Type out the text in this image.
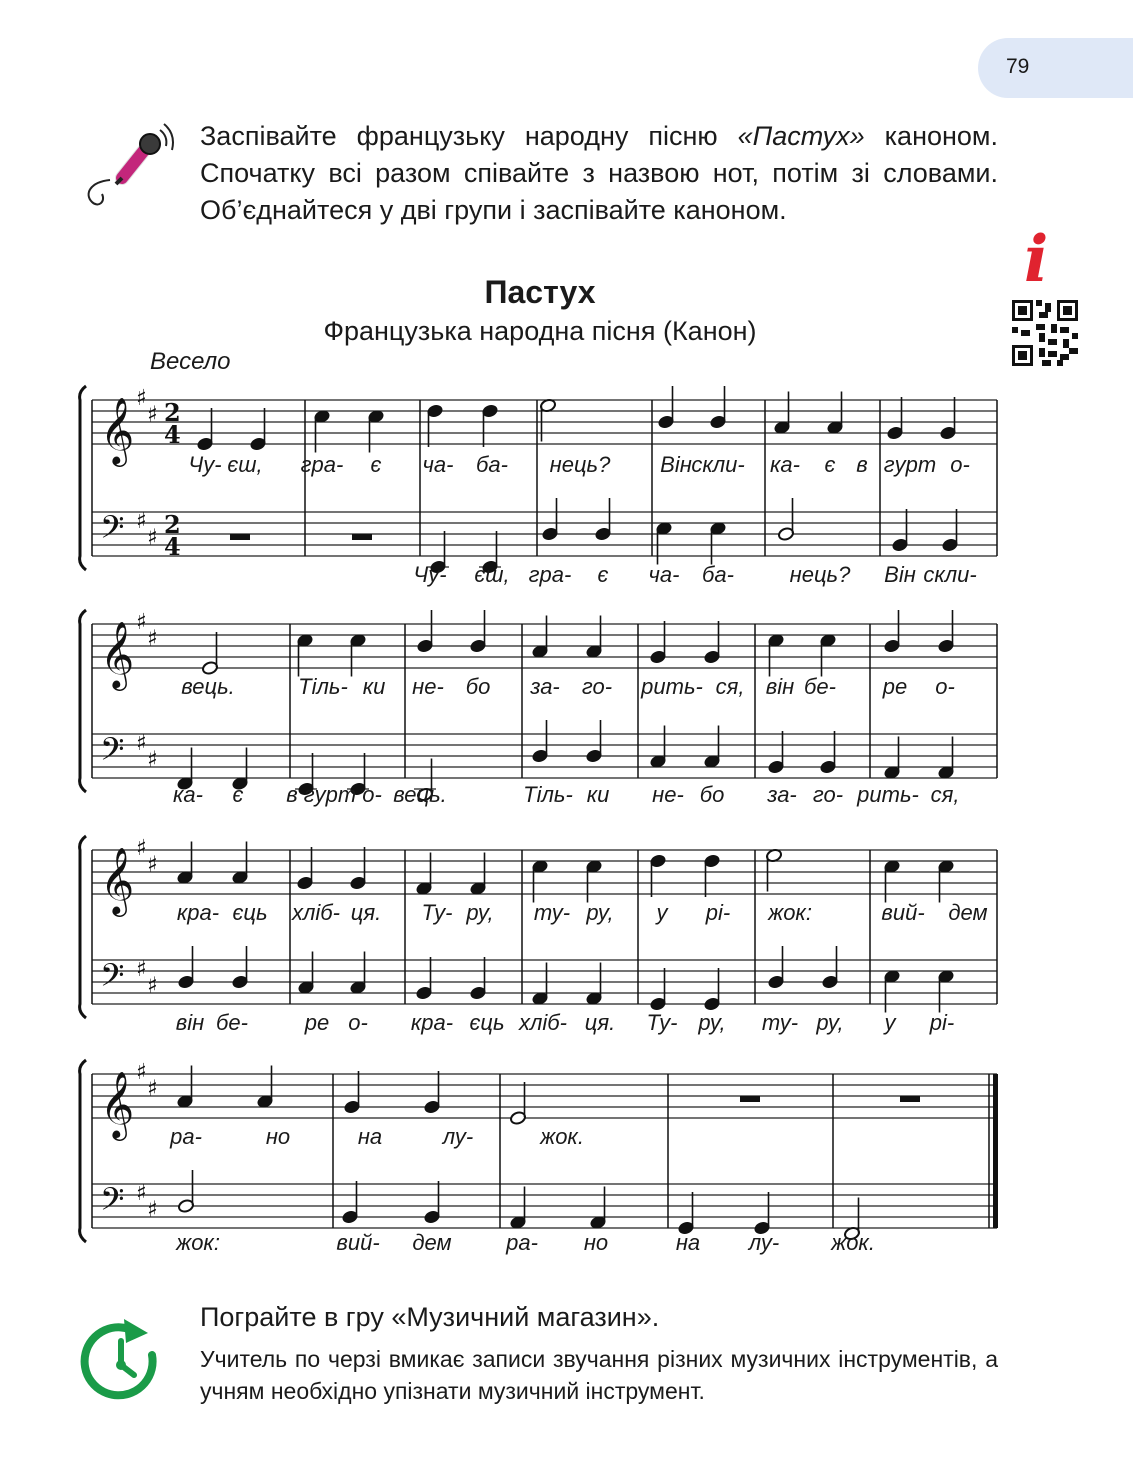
79

Заспівайте французьку народну пісню «Пастух» каноном. Спочатку всі разом співайте з назвою нот, потім зі словами. Об’єднайтеся у дві групи і заспівайте каноном.

i

Пастух

Французька народна пісня (Канон)

Весело

𝄞 ♯
♯ 2
4
𝄢 ♯
♯ 2
4
Чу- єш, гра- є ча- ба- нець? Він скли- ка- є в гурт о-
Чу- єш, гра- є ча- ба-	нець? Він скли-
𝄞 ♯
♯
𝄢 ♯
♯
вець.	Тіль- ки не- бо за- го- рить- ся, він бе- ре о-
ка- є в гурт о- вець.	Тіль- ки не- бо за- го- рить- ся,
𝄞 ♯
♯
𝄢 ♯
♯
кра- єць хліб- ця. Ту- ру, ту- ру, у рі- жок:	вий- дем
він бе-	ре о- кра- єць хліб- ця. Ту- ру, ту- ру, у рі-
𝄞 ♯
♯
𝄢 ♯
♯
ра-	но	на	лу-	жок.
жок:	вий- дем ра- но	на лу- жок.

Пограйте в гру «Музичний магазин».

Учитель по черзі вмикає записи звучання різних музичних інструментів, а учням необхідно упізнати музичний інструмент.
